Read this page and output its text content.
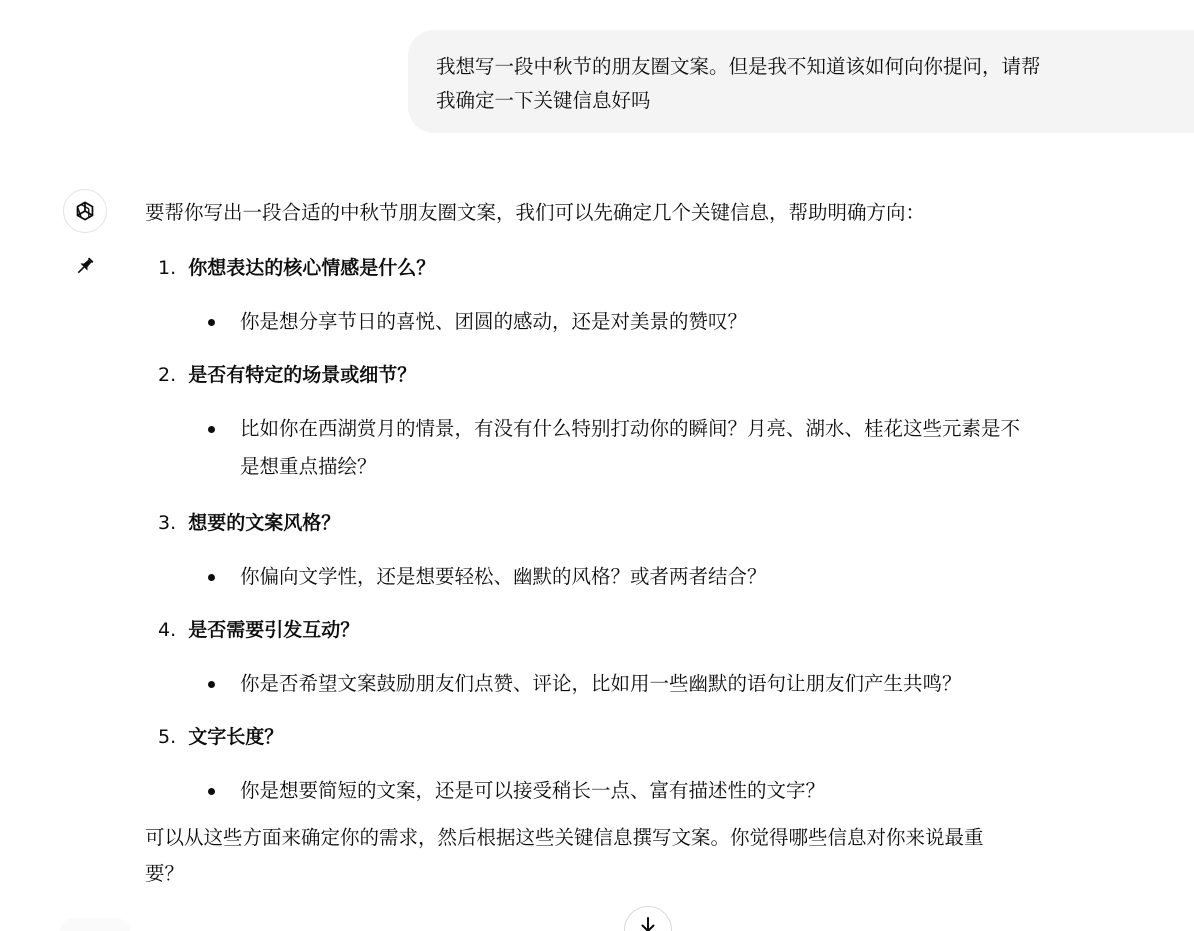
我想写一段中秋节的朋友圈文案。但是我不知道该如何向你提问，请帮

我确定一下关键信息好吗

要帮你写出一段合适的中秋节朋友圈文案，我们可以先确定几个关键信息，帮助明确方向：
1. 你想表达的核心情感是什么？
你是想分享节日的喜悦、团圆的感动，还是对美景的赞叹？
2. 是否有特定的场景或细节？
比如你在西湖赏月的情景，有没有什么特别打动你的瞬间？月亮、湖水、桂花这些元素是不
是想重点描绘？
3. 想要的文案风格？
你偏向文学性，还是想要轻松、幽默的风格？或者两者结合？
4. 是否需要引发互动？
你是否希望文案鼓励朋友们点赞、评论，比如用一些幽默的语句让朋友们产生共鸣？
5. 文字长度？
你是想要简短的文案，还是可以接受稍长一点、富有描述性的文字？
可以从这些方面来确定你的需求，然后根据这些关键信息撰写文案。你觉得哪些信息对你来说最重
要？
